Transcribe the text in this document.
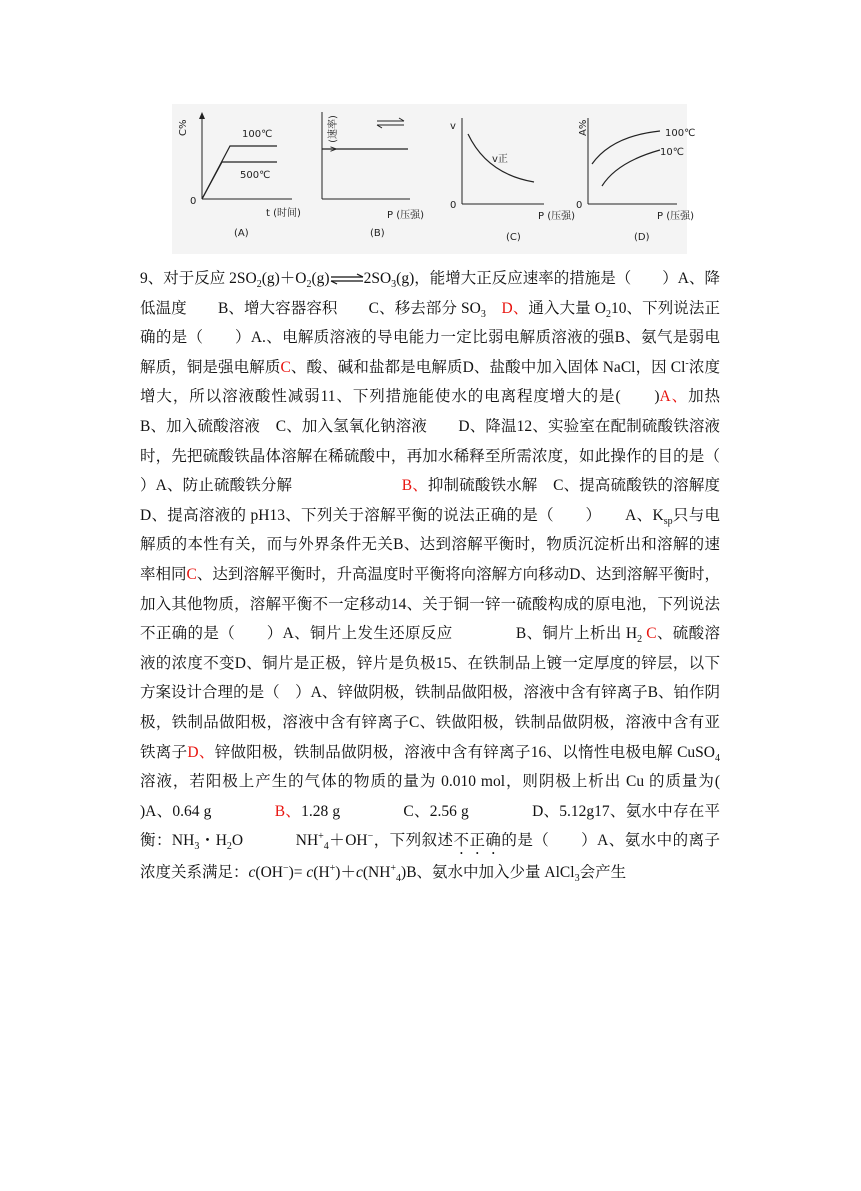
C%
0
100℃
500℃
t (时间)
(A)
v (速率)
P (压强)
(B)
v
0
v正
P (压强)
(C)
A%
0
100℃
10℃
P (压强)
(D)
9、对于反应 $2SO_2(g)+O_2(g)\rightleftharpoons 2SO_3(g)$，能增大正反应速率的措施是（　　）A、降低温度　　B、增大容器容积　　C、移去部分 $SO_3$　 D、通入大量 $O_210$、下列说法正确的是（　　）A.、电解质溶液的导电能力一定比弱电解质溶液的强B、氨气是弱电解质，铜是强电解质C、酸、碱和盐都是电解质D、盐酸中加入固体 NaCl，因 Cl-浓度增大，所以溶液酸性减弱11、下列措施能使水的电离程度增大的是(　　)A、加热　　B、加入硫酸溶液　C、加入氢氧化钠溶液　　D、降温12、实验室在配制硫酸铁溶液时，先把硫酸铁晶体溶解在稀硫酸中，再加水稀释至所需浓度，如此操作的目的是（　　）A、防止硫酸铁分解　　　　　　　B、抑制硫酸铁水解　 C、提高硫酸铁的溶解度　　　　　　D、提高溶液的 pH13、下列关于溶解平衡的说法正确的是（　　）　　A、$K_{sp}$只与电解质的本性有关，而与外界条件无关B、达到溶解平衡时，物质沉淀析出和溶解的速率相同C、达到溶解平衡时，升高温度时平衡将向溶解方向移动D、达到溶解平衡时，加入其他物质，溶解平衡不一定移动14、关于铜一锌一硫酸构成的原电池，下列说法不正确的是（　　）A、铜片上发生还原反应　　　　B、铜片上析出 $H_2$ C、硫酸溶液的浓度不变D、铜片是正极，锌片是负极15、在铁制品上镀一定厚度的锌层，以下方案设计合理的是（　）A、锌做阴极，铁制品做阳极，溶液中含有锌离子B、铂作阴极，铁制品做阳极，溶液中含有锌离子C、铁做阳极，铁制品做阴极，溶液中含有亚铁离子D、锌做阳极，铁制品做阴极，溶液中含有锌离子16、以惰性电极电解 CuSO$_4$溶液，若阳极上产生的气体的物质的量为 0.010 mol，则阴极上析出 Cu 的质量为(　　)A、0.64 g　　　　B、1.28 g　　　　C、2.56 g　　　　D、5.12g17、氨水中存在平衡：$NH_3$・$H_2O$　　　 $NH^+_4+OH^-$，下列叙述不正确的是（　　）A、氨水中的离子浓度关系满足：$c(OH^-)= c(H^+)+c(NH^+_4)B$、氨水中加入少量 AlCl$_3$会产生
